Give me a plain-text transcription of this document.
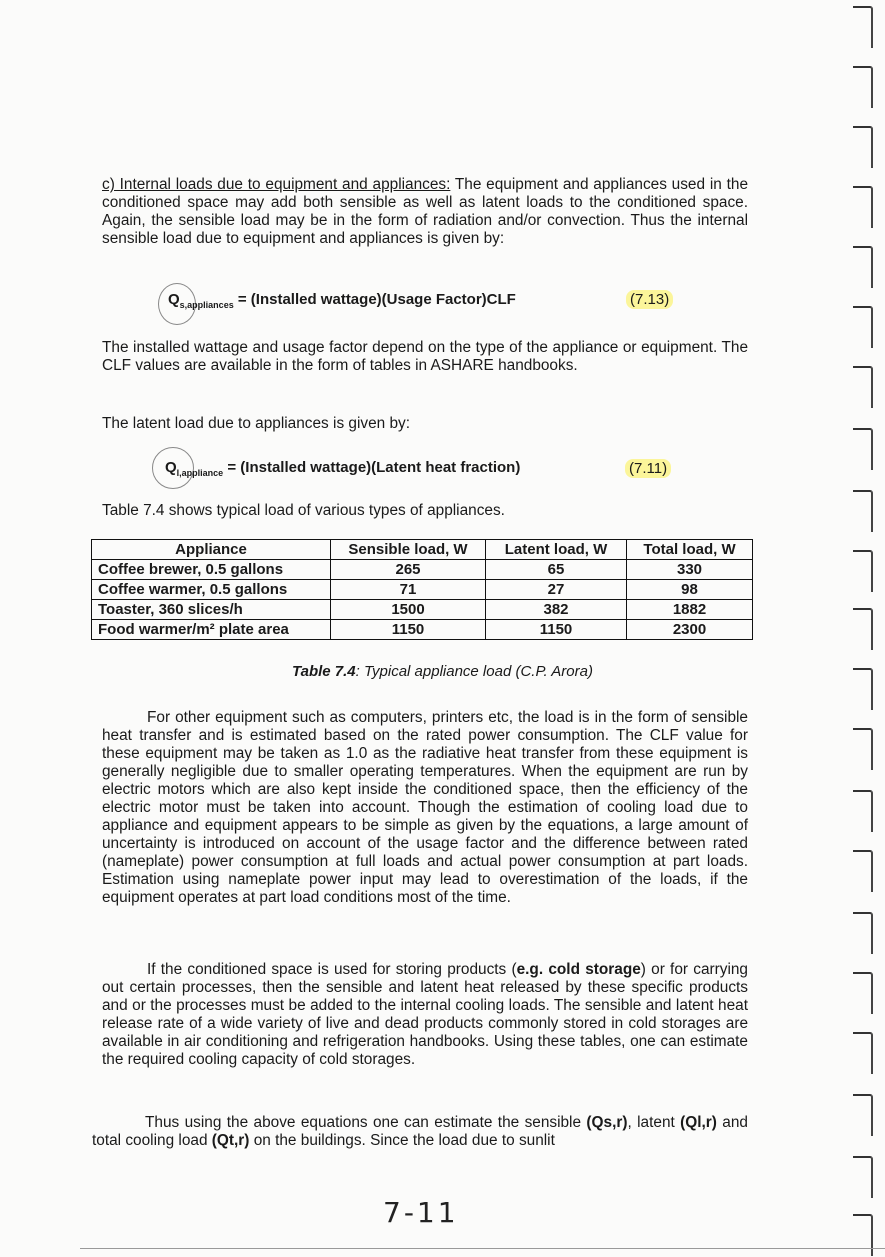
c) Internal loads due to equipment and appliances: The equipment and appliances used in the conditioned space may add both sensible as well as latent loads to the conditioned space. Again, the sensible load may be in the form of radiation and/or convection. Thus the internal sensible load due to equipment and appliances is given by:

$Q_{s,appliances}$ = (Installed wattage)(Usage Factor)CLF	(7.13)

The installed wattage and usage factor depend on the type of the appliance or equipment. The CLF values are available in the form of tables in ASHARE handbooks.

The latent load due to appliances is given by:

$Q_{l,appliance}$ = (Installed wattage)(Latent heat fraction)	(7.11)

Table 7.4 shows typical load of various types of appliances.

Appliance	Sensible load, W	Latent load, W	Total load, W
Coffee brewer, 0.5 gallons	265	65	330
Coffee warmer, 0.5 gallons	71	27	98
Toaster, 360 slices/h	1500	382	1882
Food warmer/m² plate area	1150	1150	2300
Table 7.4: Typical appliance load (C.P. Arora)

For other equipment such as computers, printers etc, the load is in the form of sensible heat transfer and is estimated based on the rated power consumption. The CLF value for these equipment may be taken as 1.0 as the radiative heat transfer from these equipment is generally negligible due to smaller operating temperatures. When the equipment are run by electric motors which are also kept inside the conditioned space, then the efficiency of the electric motor must be taken into account. Though the estimation of cooling load due to appliance and equipment appears to be simple as given by the equations, a large amount of uncertainty is introduced on account of the usage factor and the difference between rated (nameplate) power consumption at full loads and actual power consumption at part loads. Estimation using nameplate power input may lead to overestimation of the loads, if the equipment operates at part load conditions most of the time.

If the conditioned space is used for storing products (e.g. cold storage) or for carrying out certain processes, then the sensible and latent heat released by these specific products and or the processes must be added to the internal cooling loads. The sensible and latent heat release rate of a wide variety of live and dead products commonly stored in cold storages are available in air conditioning and refrigeration handbooks. Using these tables, one can estimate the required cooling capacity of cold storages.

Thus using the above equations one can estimate the sensible (Qs,r), latent (Ql,r) and total cooling load (Qt,r) on the buildings. Since the load due to sunlit

7-11
